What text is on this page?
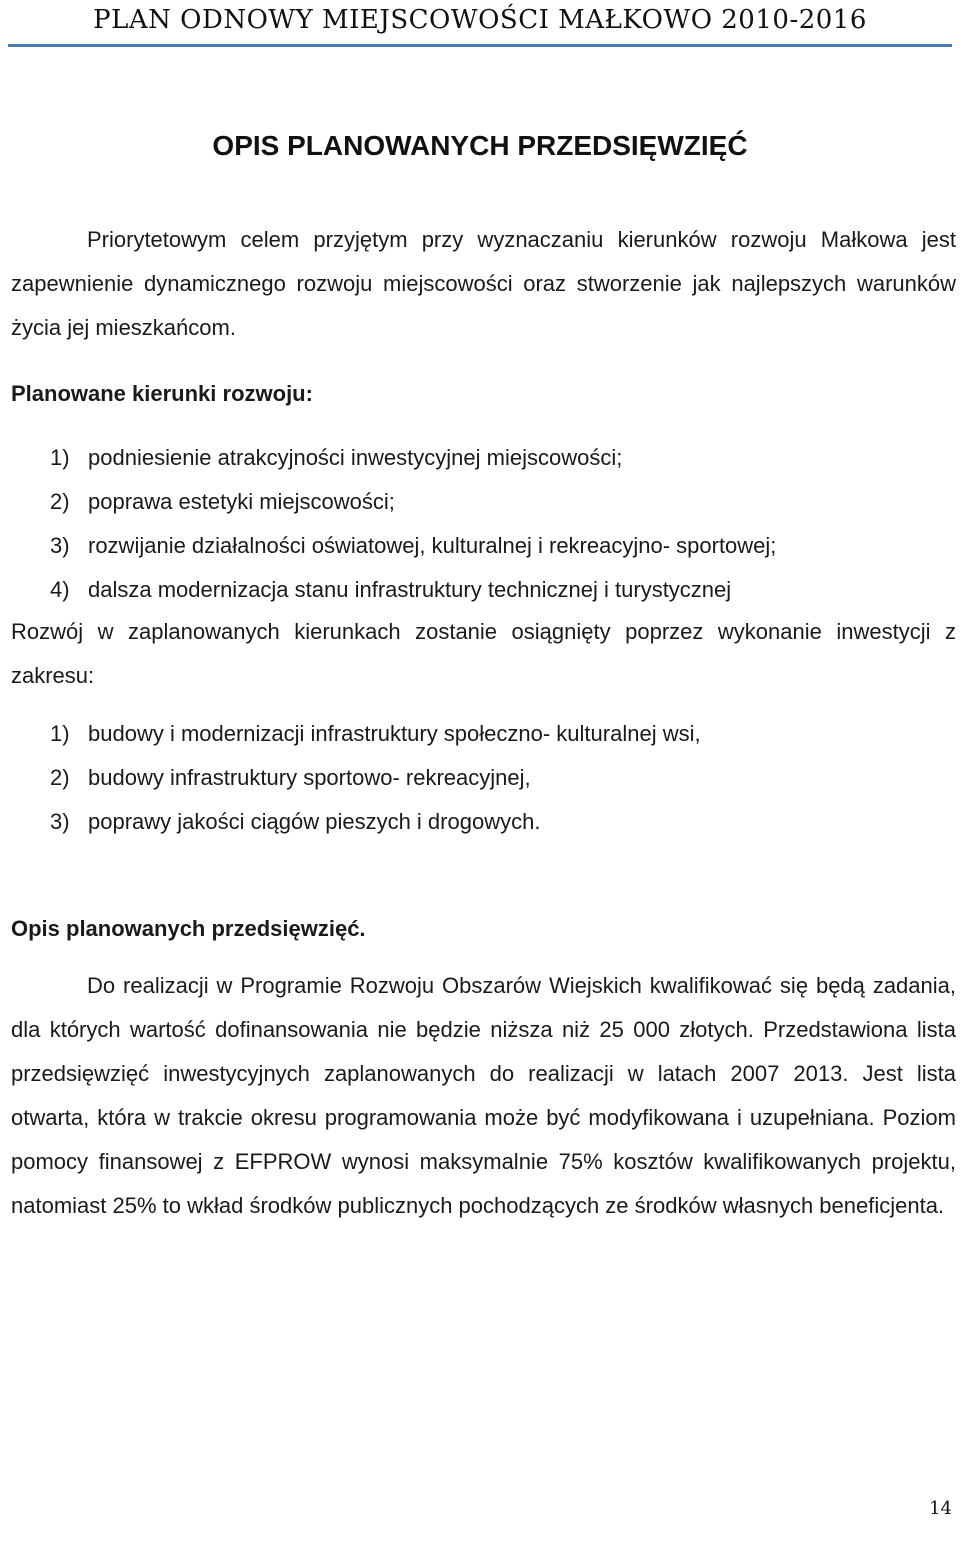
PLAN ODNOWY MIEJSCOWOŚCI MAŁKOWO 2010-2016
OPIS PLANOWANYCH PRZEDSIĘWZIĘĆ

Priorytetowym celem przyjętym przy wyznaczaniu kierunków rozwoju Małkowa jest zapewnienie dynamicznego rozwoju miejscowości oraz stworzenie jak najlepszych warunków życia jej mieszkańcom.

Planowane kierunki rozwoju:
1) podniesienie atrakcyjności inwestycyjnej miejscowości;
2) poprawa estetyki miejscowości;
3) rozwijanie działalności oświatowej, kulturalnej i rekreacyjno- sportowej;
4) dalsza modernizacja stanu infrastruktury technicznej i turystycznej

Rozwój w zaplanowanych kierunkach zostanie osiągnięty poprzez wykonanie inwestycji z zakresu:

1) budowy i modernizacji infrastruktury społeczno- kulturalnej wsi,
2) budowy infrastruktury sportowo- rekreacyjnej,
3) poprawy jakości ciągów pieszych i drogowych.
Opis planowanych przedsięwzięć.

Do realizacji w Programie Rozwoju Obszarów Wiejskich kwalifikować się będą zadania, dla których wartość dofinansowania nie będzie niższa niż 25 000 złotych. Przedstawiona lista przedsięwzięć inwestycyjnych zaplanowanych do realizacji w latach 2007 2013. Jest lista otwarta, która w trakcie okresu programowania może być modyfikowana i uzupełniana. Poziom pomocy finansowej z EFPROW wynosi maksymalnie 75% kosztów kwalifikowanych projektu, natomiast 25% to wkład środków publicznych pochodzących ze środków własnych beneficjenta.

14
